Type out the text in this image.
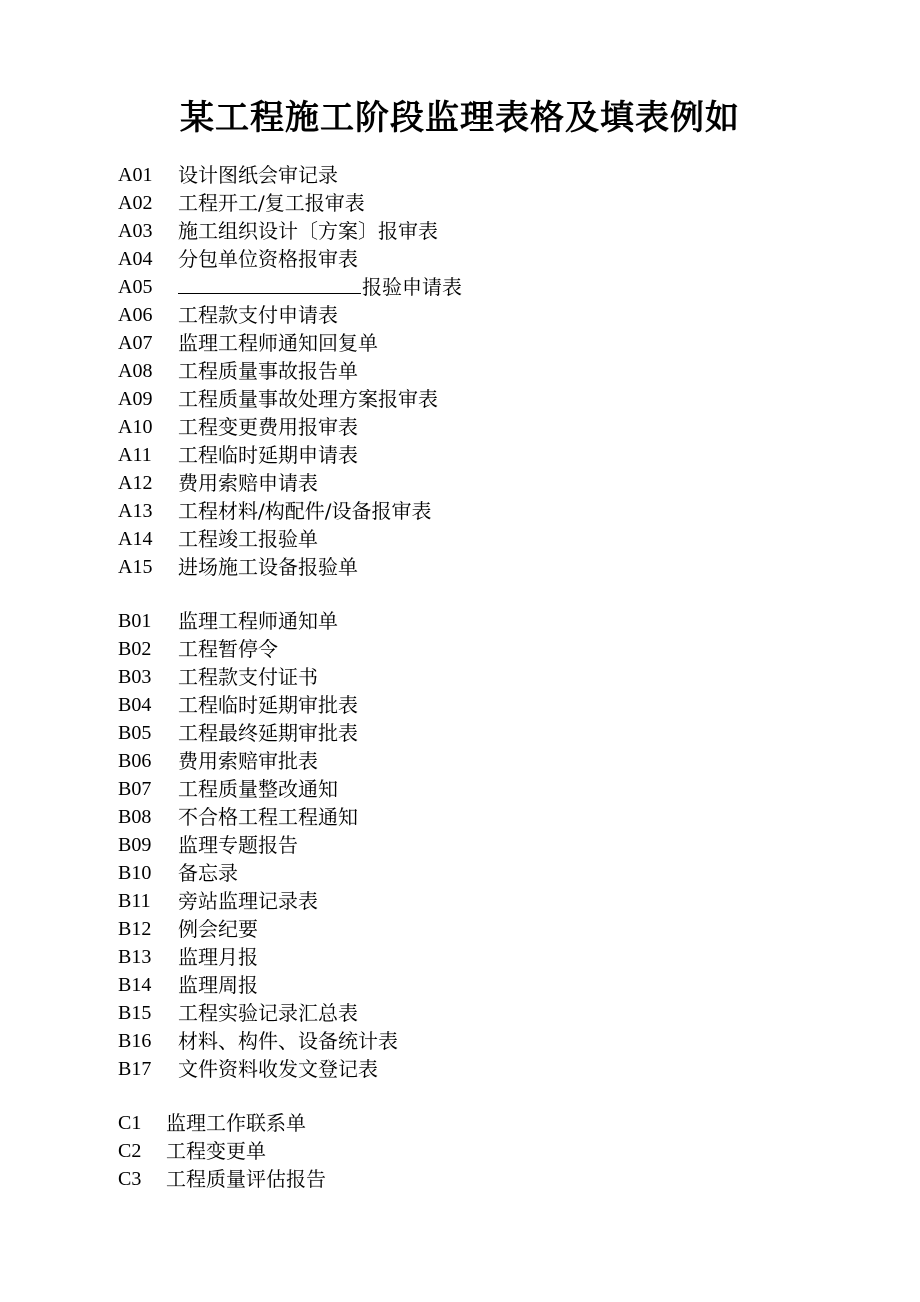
某工程施工阶段监理表格及填表例如
A01	设计图纸会审记录
A02	工程开工/复工报审表
A03	施工组织设计〔方案〕报审表
A04	分包单位资格报审表
A05	报验申请表
A06	工程款支付申请表
A07	监理工程师通知回复单
A08	工程质量事故报告单
A09	工程质量事故处理方案报审表
A10	工程变更费用报审表
A11	工程临时延期申请表
A12	费用索赔申请表
A13	工程材料/构配件/设备报审表
A14	工程竣工报验单
A15	进场施工设备报验单
B01	监理工程师通知单
B02	工程暂停令
B03	工程款支付证书
B04	工程临时延期审批表
B05	工程最终延期审批表
B06	费用索赔审批表
B07	工程质量整改通知
B08	不合格工程工程通知
B09	监理专题报告
B10	备忘录
B11	旁站监理记录表
B12	例会纪要
B13	监理月报
B14	监理周报
B15	工程实验记录汇总表
B16	材料、构件、设备统计表
B17	文件资料收发文登记表
C1	监理工作联系单
C2	工程变更单
C3	工程质量评估报告
